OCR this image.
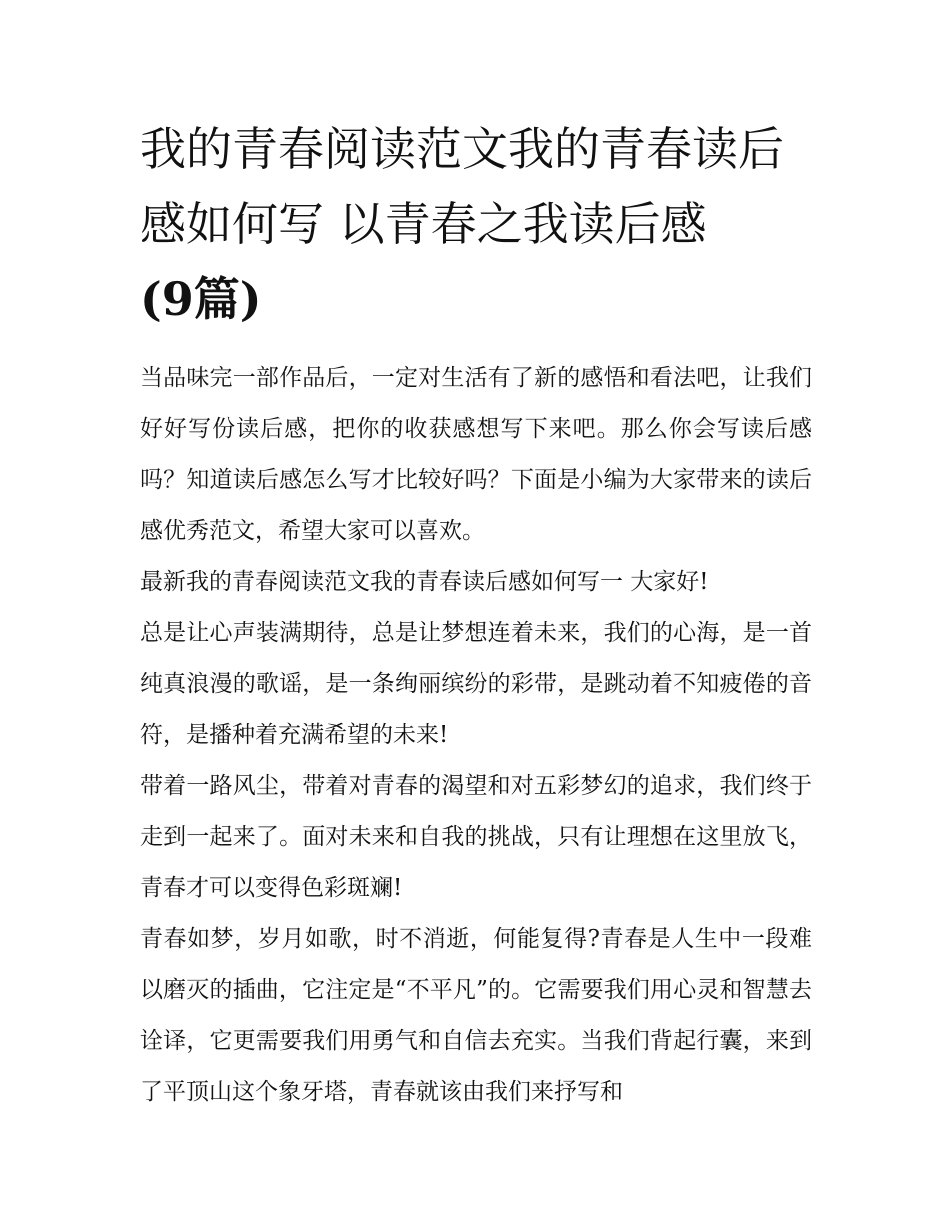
我的青春阅读范文我的青春读后感如何写 以青春之我读后感
(9篇)

当品味完一部作品后，一定对生活有了新的感悟和看法吧，让我们好好写份读后感，把你的收获感想写下来吧。那么你会写读后感吗？知道读后感怎么写才比较好吗？下面是小编为大家带来的读后感优秀范文，希望大家可以喜欢。

最新我的青春阅读范文我的青春读后感如何写一 大家好!

总是让心声装满期待，总是让梦想连着未来，我们的心海，是一首纯真浪漫的歌谣，是一条绚丽缤纷的彩带，是跳动着不知疲倦的音符，是播种着充满希望的未来!

带着一路风尘，带着对青春的渴望和对五彩梦幻的追求，我们终于走到一起来了。面对未来和自我的挑战，只有让理想在这里放飞，青春才可以变得色彩斑斓!

青春如梦，岁月如歌，时不消逝，何能复得?青春是人生中一段难以磨灭的插曲，它注定是“不平凡”的。它需要我们用心灵和智慧去诠译，它更需要我们用勇气和自信去充实。当我们背起行囊，来到了平顶山这个象牙塔，青春就该由我们来抒写和
